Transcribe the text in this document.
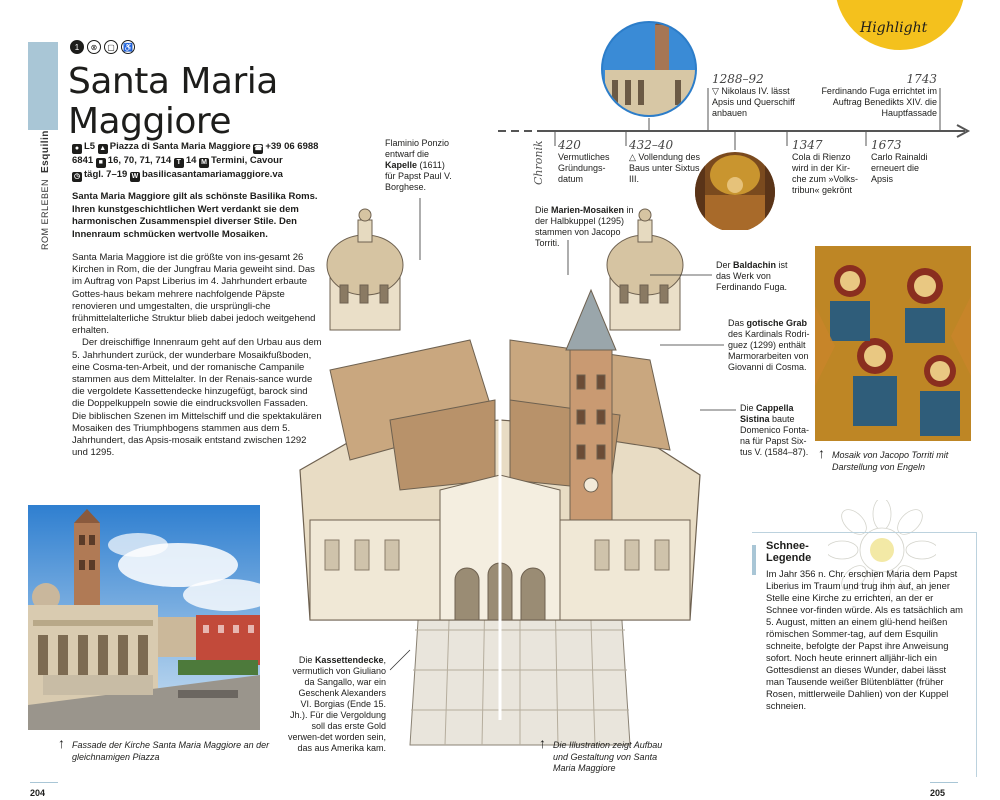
ROM ERLEBENEsquilin
1	⊗	▢	♿
Santa Maria
Maggiore
● L5 ▲ Piazza di Santa Maria Maggiore ☎ +39 06 6988 6841 ■ 16, 70, 71, 714 T 14 M Termini, Cavour
◷ tägl. 7–19 W basilicasantamariamaggiore.va
Santa Maria Maggiore gilt als schönste Basilika Roms. Ihren kunstgeschichtlichen Wert verdankt sie dem harmonischen Zusammenspiel diverser Stile. Den Innenraum schmücken wertvolle Mosaiken.

Santa Maria Maggiore ist die größte von ins-gesamt 26 Kirchen in Rom, die der Jungfrau Maria geweiht sind. Das im Auftrag von Papst Liberius im 4. Jahrhundert erbaute Gottes-haus bekam mehrere nachfolgende Päpste renovieren und umgestalten, die ursprüngli-che frühmittelalterliche Struktur blieb dabei jedoch weitgehend erhalten.

Der dreischiffige Innenraum geht auf den Urbau aus dem 5. Jahrhundert zurück, der wunderbare Mosaikfußboden, eine Cosma-ten-Arbeit, und der romanische Campanile stammen aus dem Mittelalter. In der Renais-sance wurde die vergoldete Kassettendecke hinzugefügt, barock sind die Doppelkuppeln sowie die eindrucksvollen Fassaden. Die biblischen Szenen im Mittelschiff und die spektakulären Mosaiken des Triumphbogens stammen aus dem 5. Jahrhundert, das Apsis-mosaik entstand zwischen 1292 und 1295.

↑ Fassade der Kirche Santa Maria Maggiore an der gleichnamigen Piazza
204	205
Highlight
Chronik 420
Vermutliches Gründungs-datum
432–40
△ Vollendung des Baus unter Sixtus III.
1288–92
▽ Nikolaus IV. lässt Apsis und Querschiff anbauen
1347
Cola di Rienzo wird in der Kir-che zum »Volks-tribun« gekrönt
1673
Carlo Rainaldi erneuert die Apsis
1743
Ferdinando Fuga errichtet im Auftrag Benedikts XIV. die Hauptfassade
Flaminio Ponzio entwarf die Kapelle (1611) für Papst Paul V. Borghese.
Die Marien-Mosaiken in der Halbkuppel (1295) stammen von Jacopo Torriti.
Der Baldachin ist das Werk von Ferdinando Fuga.
Das gotische Grab des Kardinals Rodri-guez (1299) enthält Marmorarbeiten von Giovanni di Cosma.
Die Cappella Sistina baute Domenico Fonta-na für Papst Six-tus V. (1584–87).
Die Kassettendecke, vermutlich von Giuliano da Sangallo, war ein Geschenk Alexanders VI. Borgias (Ende 15. Jh.). Für die Vergoldung soll das erste Gold verwen-det worden sein, das aus Amerika kam.	↑ Die Illustration zeigt Aufbau und Gestaltung von Santa Maria Maggiore
↑ Mosaik von Jacopo Torriti mit Darstellung von Engeln
Schnee-Legende
Im Jahr 356 n. Chr. erschien Maria dem Papst Liberius im Traum und trug ihm auf, an jener Stelle eine Kirche zu errichten, an der er Schnee vor-finden würde. Als es tatsächlich am 5. August, mitten an einem glü-hend heißen römischen Sommer-tag, auf dem Esquilin schneite, befolgte der Papst ihre Anweisung sofort. Noch heute erinnert alljähr-lich ein Gottesdienst an dieses Wunder, dabei lässt man Tausende weißer Blütenblätter (früher Rosen, mittlerweile Dahlien) von der Kuppel schneien.
